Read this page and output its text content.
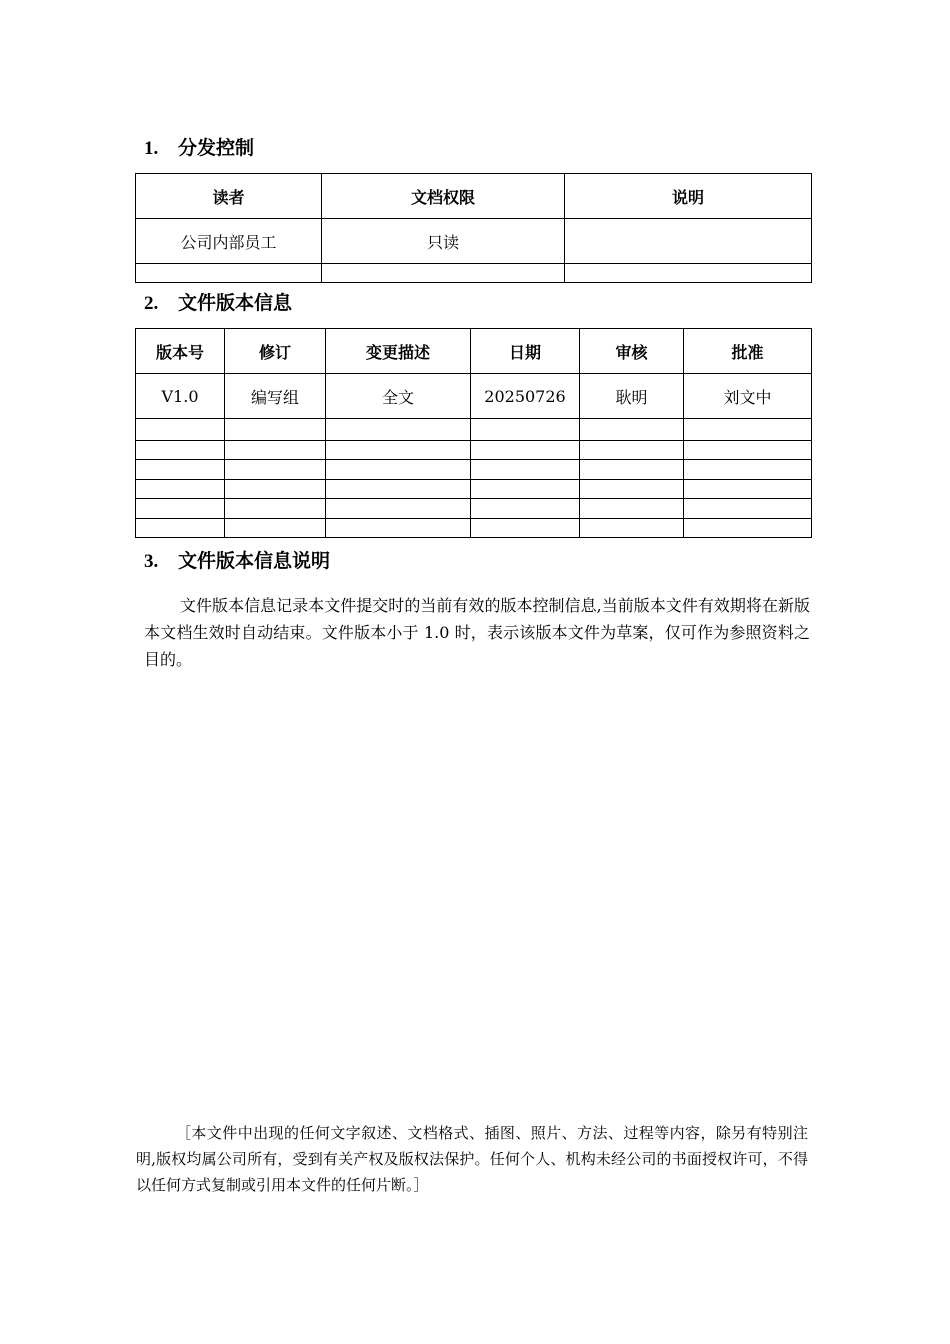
1. 分发控制
读者	文档权限	说明
公司内部员工	只读	

2. 文件版本信息
版本号	修订	变更描述	日期	审核	批准
V1.0	编写组	全文	20250726	耿明	刘文中

3. 文件版本信息说明
文件版本信息记录本文件提交时的当前有效的版本控制信息,当前版本文件有效期将在新版本文档生效时自动结束。文件版本小于 1.0 时，表示该版本文件为草案，仅可作为参照资料之目的。
［本文件中出现的任何文字叙述、文档格式、插图、照片、方法、过程等内容，除另有特别注明,版权均属公司所有，受到有关产权及版权法保护。任何个人、机构未经公司的书面授权许可，不得以任何方式复制或引用本文件的任何片断。］
